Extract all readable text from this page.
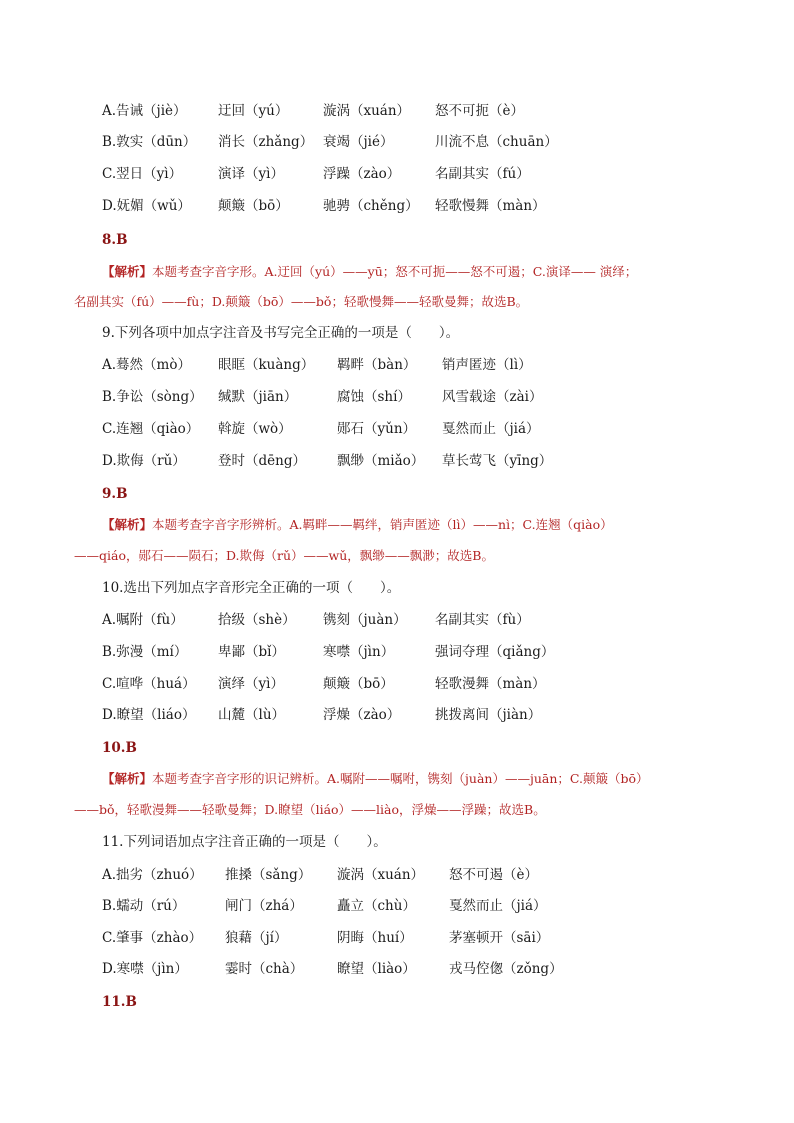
A.告诫（jiè） 迂回（yú）	漩涡（xuán） 怒不可扼（è）
B.敦实（dūn） 消长（zhǎng） 衰竭（jié）	川流不息（chuān）
C.翌日（yì）	演译（yì）	浮躁（zào）	名副其实（fú）
D.妩媚（wǔ） 颠簸（bō）	驰骋（chěng） 轻歌慢舞（màn）
8.B
【解析】本题考查字音字形。A.迂回（yú）——yū；怒不可扼——怒不可遏；C.演译—— 演绎；
名副其实（fú）——fù；D.颠簸（bō）——bǒ；轻歌慢舞——轻歌曼舞；故选B。
9.下列各项中加点字注音及书写完全正确的一项是（　　）。
A.蓦然（mò） 眼眶（kuàng） 羁畔（bàn） 销声匿迹（lì）
B.争讼（sòng） 缄默（jiān）	腐蚀（shí） 风雪载途（zài）
C.连翘（qiào） 斡旋（wò）	郧石（yǔn） 戛然而止（jiá）
D.欺侮（rǔ） 登时（dēng） 飘缈（miǎo） 草长莺飞（yīng）
9.B
【解析】本题考查字音字形辨析。A.羁畔——羁绊，销声匿迹（lì）——nì；C.连翘（qiào）
——qiáo，郧石——陨石；D.欺侮（rǔ）——wǔ，飘缈——飘渺；故选B。
10.选出下列加点字音形完全正确的一项（　　）。
A.嘱附（fù）	拾级（shè） 镌刻（juàn） 名副其实（fù）
B.弥漫（mí） 卑鄙（bǐ）	寒噤（jìn）	强词夺理（qiǎng）
C.喧哗（huá） 演绎（yì）	颠簸（bō）	轻歌漫舞（màn）
D.瞭望（liáo） 山麓（lù）	浮燥（zào）	挑拨离间（jiàn）
10.B
【解析】本题考查字音字形的识记辨析。A.嘱附——嘱咐，镌刻（juàn）——juān；C.颠簸（bō）
——bǒ，轻歌漫舞——轻歌曼舞；D.瞭望（liáo）——liào，浮燥——浮躁；故选B。
11.下列词语加点字注音正确的一项是（　　）。
A.拙劣（zhuó） 推搡（sǎng） 漩涡（xuán） 怒不可遏（è）
B.蠕动（rú）	闸门（zhá）	矗立（chù） 戛然而止（jiá）
C.肇事（zhào） 狼藉（jí）	阴晦（huí）	茅塞顿开（sāi）
D.寒噤（jìn）	霎时（chà） 瞭望（liào） 戎马倥偬（zǒng）
11.B
